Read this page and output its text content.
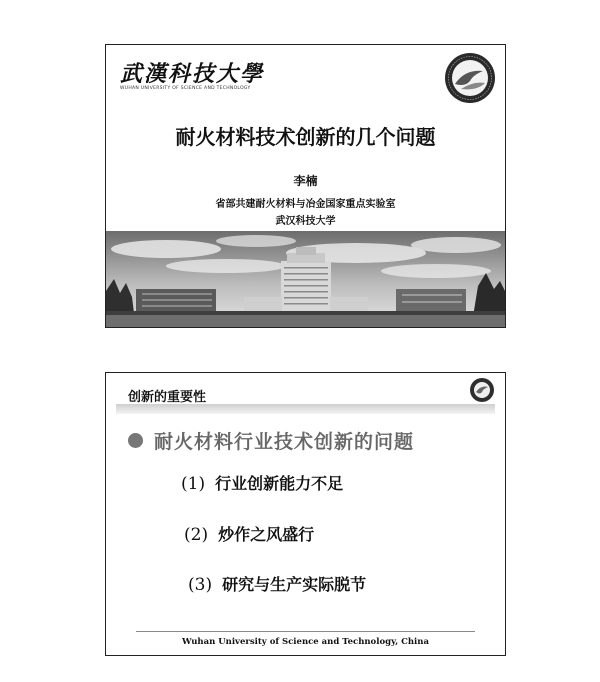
武漢科技大學
WUHAN UNIVERSITY OF SCIENCE AND TECHNOLOGY
耐火材料技术创新的几个问题
李楠
省部共建耐火材料与冶金国家重点实验室
武汉科技大学
创新的重要性
耐火材料行业技术创新的问题
(1) 行业创新能力不足
(2) 炒作之风盛行
(3) 研究与生产实际脱节
Wuhan University of Science and Technology, China
